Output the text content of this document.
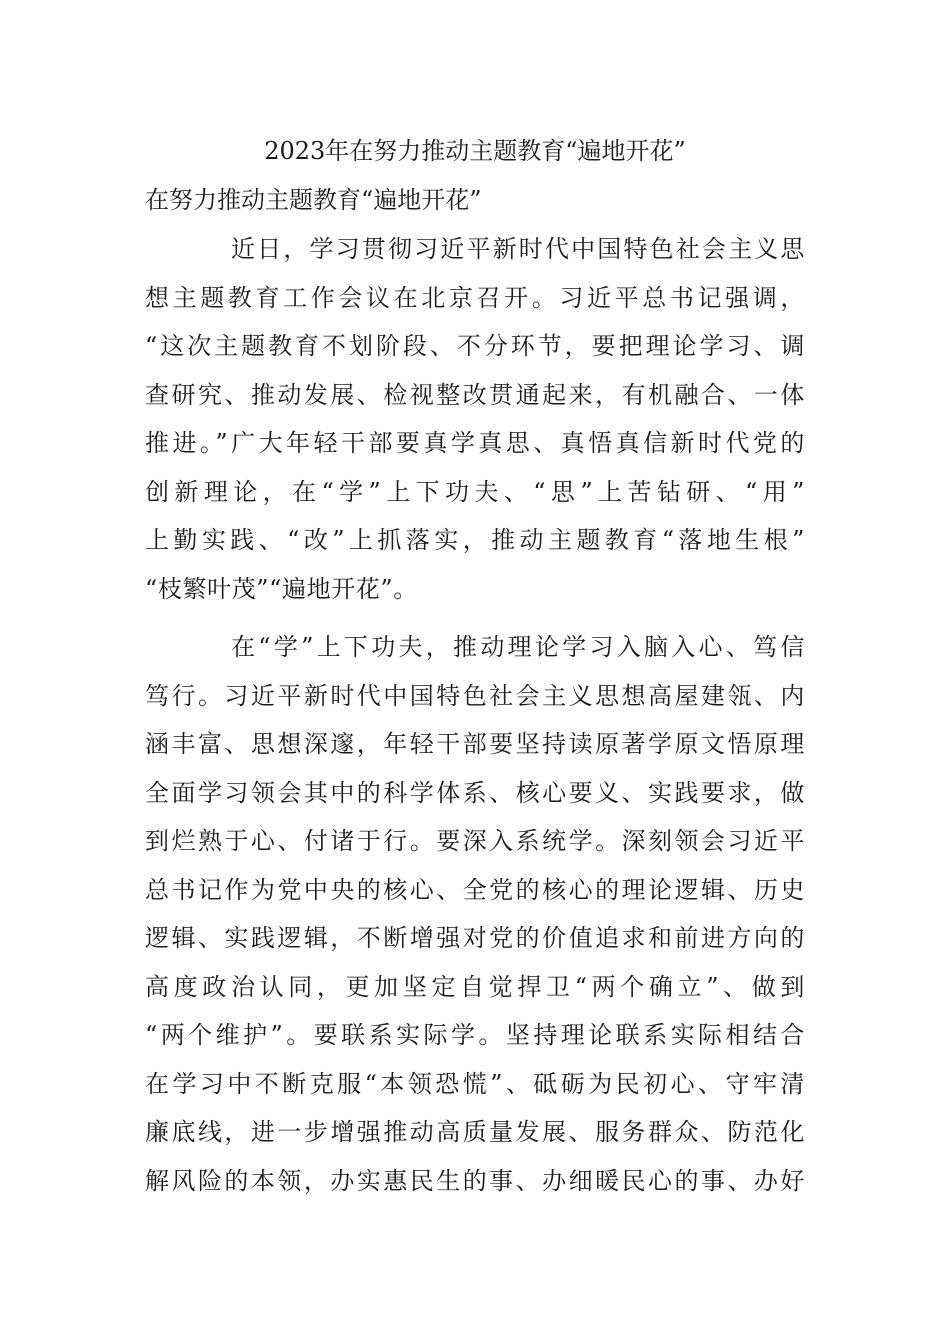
2023年在努力推动主题教育“遍地开花”
在努力推动主题教育“遍地开花”
近日，学习贯彻习近平新时代中国特色社会主义思
想主题教育工作会议在北京召开。习近平总书记强调，
“这次主题教育不划阶段、不分环节，要把理论学习、调
查研究、推动发展、检视整改贯通起来，有机融合、一体
推进。”广大年轻干部要真学真思、真悟真信新时代党的
创新理论，在“学”上下功夫、“思”上苦钻研、“用”
上勤实践、“改”上抓落实，推动主题教育“落地生根”
“枝繁叶茂”“遍地开花”。
在“学”上下功夫，推动理论学习入脑入心、笃信
笃行。习近平新时代中国特色社会主义思想高屋建瓴、内
涵丰富、思想深邃，年轻干部要坚持读原著学原文悟原理
全面学习领会其中的科学体系、核心要义、实践要求，做
到烂熟于心、付诸于行。要深入系统学。深刻领会习近平
总书记作为党中央的核心、全党的核心的理论逻辑、历史
逻辑、实践逻辑，不断增强对党的价值追求和前进方向的
高度政治认同，更加坚定自觉捍卫“两个确立”、做到
“两个维护”。要联系实际学。坚持理论联系实际相结合
在学习中不断克服“本领恐慌”、砥砺为民初心、守牢清
廉底线，进一步增强推动高质量发展、服务群众、防范化
解风险的本领，办实惠民生的事、办细暖民心的事、办好
